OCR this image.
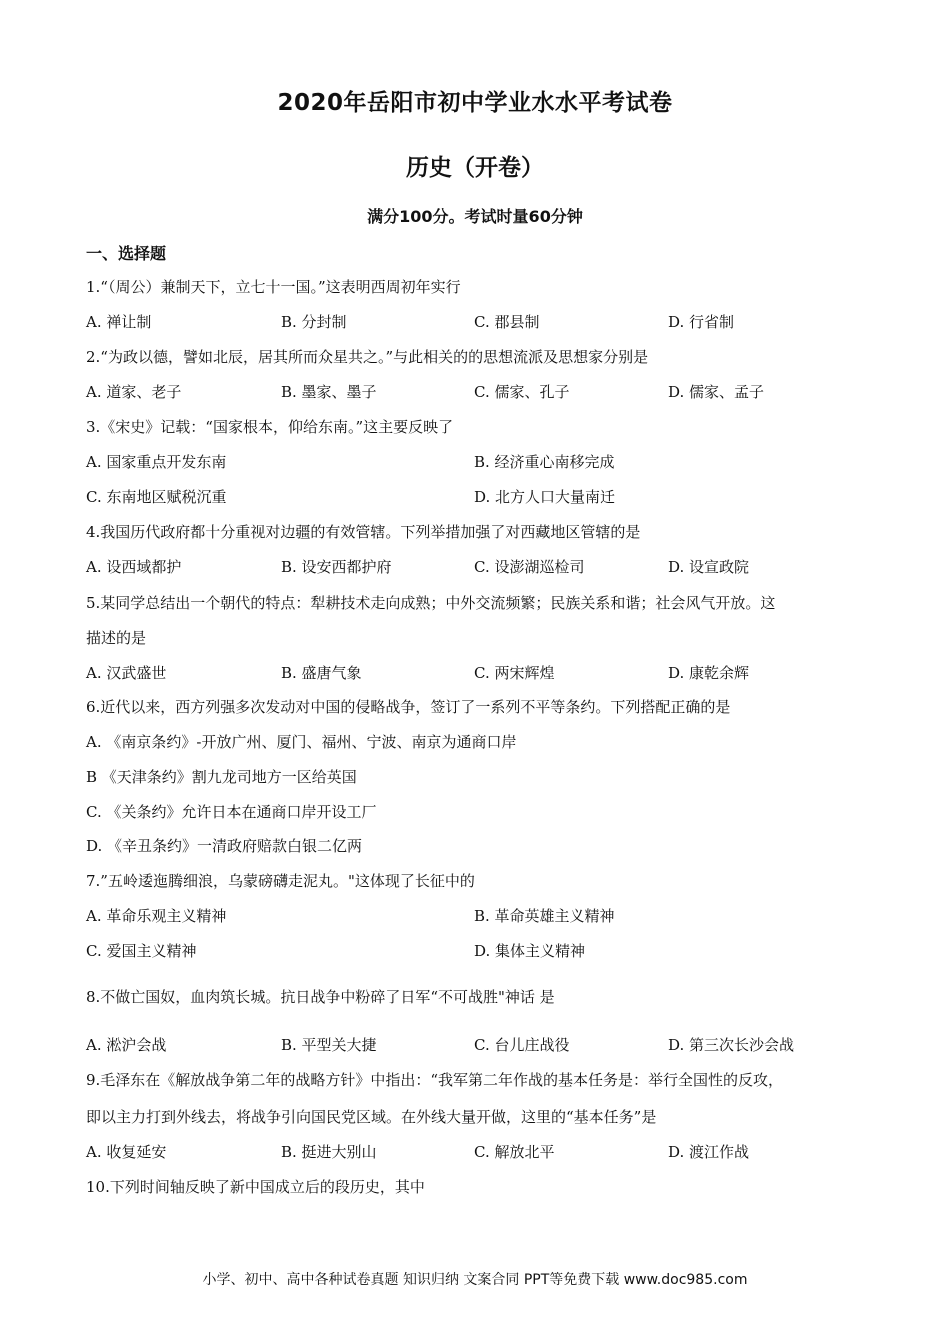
2020年岳阳市初中学业水水平考试卷
历史（开卷）
满分100分。考试时量60分钟
一、选择题
1.“（周公）兼制天下，立七十一国。”这表明西周初年实行
A. 禅让制	B. 分封制	C. 郡县制	D. 行省制
2.“为政以德，譬如北辰，居其所而众星共之。”与此相关的的思想流派及思想家分别是
A. 道家、老子	B. 墨家、墨子	C. 儒家、孔子	D. 儒家、孟子
3.《宋史》记载：“国家根本，仰给东南。”这主要反映了
A. 国家重点开发东南	B. 经济重心南移完成
C. 东南地区赋税沉重	D. 北方人口大量南迁
4.我国历代政府都十分重视对边疆的有效管辖。下列举措加强了对西藏地区管辖的是
A. 设西域都护	B. 设安西都护府	C. 设澎湖巡检司	D. 设宣政院
5.某同学总结出一个朝代的特点：犁耕技术走向成熟；中外交流频繁；民族关系和谐；社会风气开放。这
描述的是
A. 汉武盛世	B. 盛唐气象	C. 两宋辉煌	D. 康乾余辉
6.近代以来，西方列强多次发动对中国的侵略战争，签订了一系列不平等条约。下列搭配正确的是
A. 《南京条约》-开放广州、厦门、福州、宁波、南京为通商口岸
B 《天津条约》割九龙司地方一区给英国
C. 《关条约》允许日本在通商口岸开设工厂
D. 《辛丑条约》一清政府赔款白银二亿两
7.”五岭逶迤腾细浪，乌蒙磅礴走泥丸。"这体现了长征中的
A. 革命乐观主义精神	B. 革命英雄主义精神
C. 爱国主义精神	D. 集体主义精神
8.不做亡国奴，血肉筑长城。抗日战争中粉碎了日军“不可战胜"神话 是
A. 淞沪会战	B. 平型关大捷	C. 台儿庄战役	D. 第三次长沙会战
9.毛泽东在《解放战争第二年的战略方针》中指出：“我军第二年作战的基本任务是：举行全国性的反攻，
即以主力打到外线去，将战争引向国民党区域。在外线大量开做，这里的“基本任务”是
A. 收复延安	B. 挺进大别山	C. 解放北平	D. 渡江作战
10.下列时间轴反映了新中国成立后的段历史，其中
小学、初中、高中各种试卷真题 知识归纳 文案合同 PPT等免费下载 www.doc985.com
